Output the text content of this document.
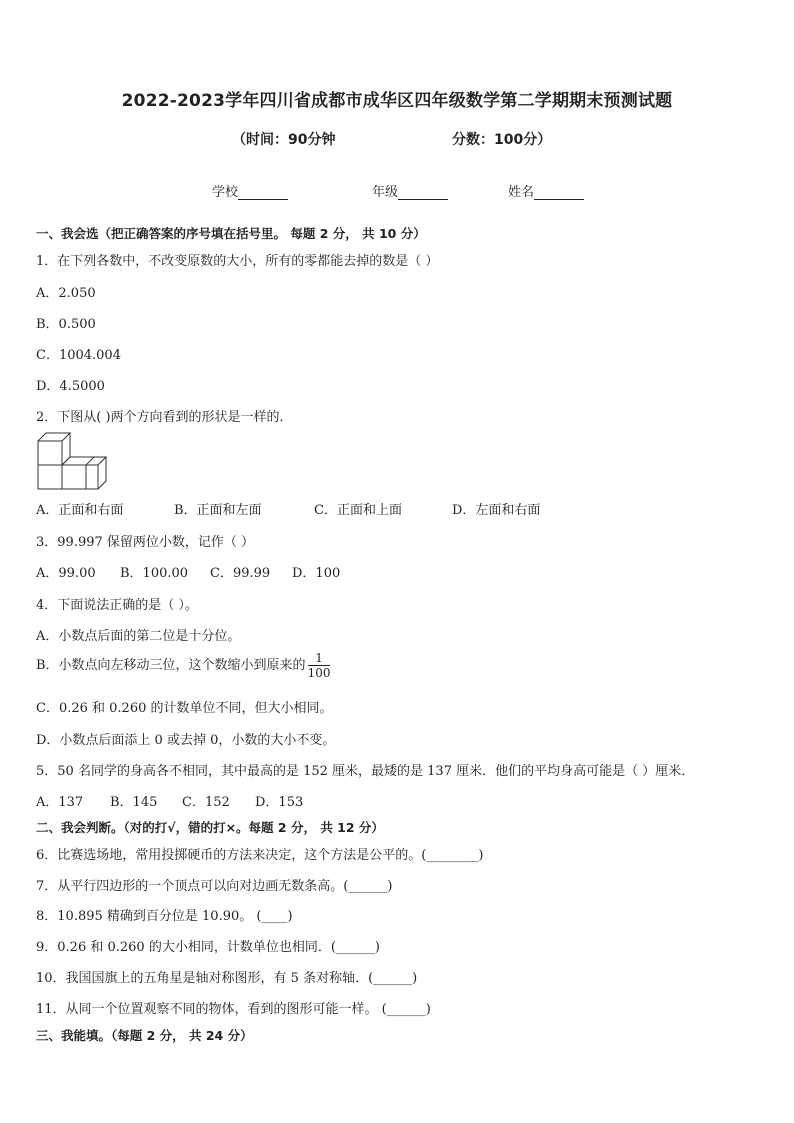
2022-2023学年四川省成都市成华区四年级数学第二学期期末预测试题
（时间：90分钟	分数：100分）
学校	年级	姓名
一、我会选（把正确答案的序号填在括号里。 每题 2 分， 共 10 分）
1．在下列各数中，不改变原数的大小，所有的零都能去掉的数是（ ）
A．2.050
B．0.500
C．1004.004
D．4.5000
2．下图从( )两个方向看到的形状是一样的．
A．正面和右面	B．正面和左面	C．正面和上面	D．左面和右面
3．99.997 保留两位小数，记作（ ）
A．99.00 B．100.00 C．99.99 D．100
4．下面说法正确的是（ ）。
A．小数点后面的第二位是十分位。
B．小数点向左移动三位，这个数缩小到原来的 $\frac{1}{100}$
C．0.26 和 0.260 的计数单位不同，但大小相同。
D．小数点后面添上 0 或去掉 0，小数的大小不变。
5．50 名同学的身高各不相同，其中最高的是 152 厘米，最矮的是 137 厘米．他们的平均身高可能是（ ）厘米．
A．137 B．145 C．152 D．153
二、我会判断。（对的打√，错的打×。每题 2 分， 共 12 分）
6．比赛选场地，常用投掷硬币的方法来决定，这个方法是公平的。(________)
7．从平行四边形的一个顶点可以向对边画无数条高。(______)
8．10.895 精确到百分位是 10.90。 (____)
9．0.26 和 0.260 的大小相同，计数单位也相同．(______)
10．我国国旗上的五角星是轴对称图形，有 5 条对称轴．(______)
11．从同一个位置观察不同的物体，看到的图形可能一样。 (______)
三、我能填。（每题 2 分， 共 24 分）
